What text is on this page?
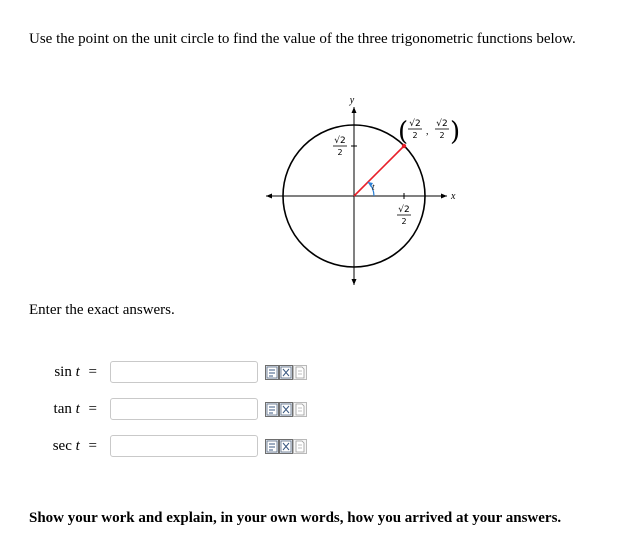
Use the point on the unit circle to find the value of the three trigonometric functions below.
y
x
t
√2
2
√2
2
( √2
2 ,
√2
2 )
Enter the exact answers.
sin t =
tan t =
sec t =
Show your work and explain, in your own words, how you arrived at your answers.
